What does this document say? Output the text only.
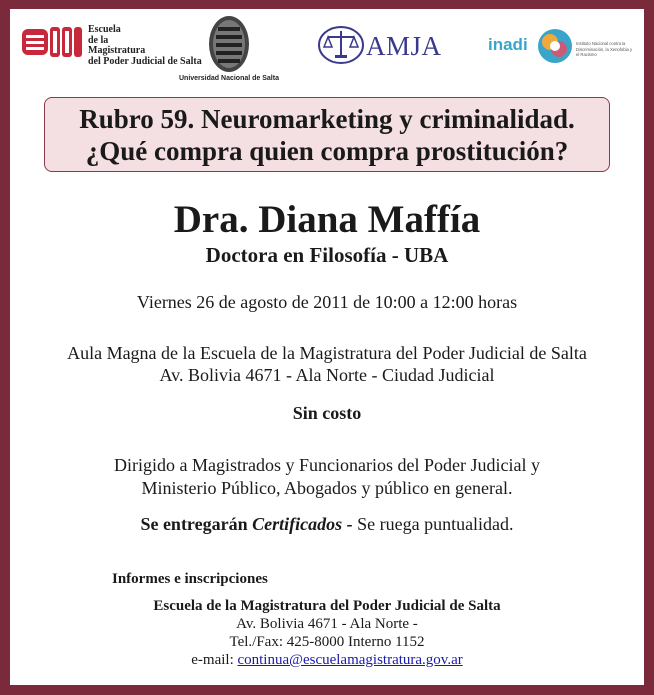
Escuela
de la
Magistratura
del Poder Judicial de Salta
Universidad Nacional de Salta
AMJA	inadi	Instituto Nacional contra la Discriminación, la Xenofobia y el Racismo
Rubro 59. Neuromarketing y criminalidad.
¿Qué compra quien compra prostitución?
Dra. Diana Maffía
Doctora en Filosofía - UBA
Viernes 26 de agosto de 2011 de 10:00 a 12:00 horas
Aula Magna de la Escuela de la Magistratura del Poder Judicial de Salta
Av. Bolivia 4671 - Ala Norte - Ciudad Judicial
Sin costo
Dirigido a Magistrados y Funcionarios del Poder Judicial y
Ministerio Público, Abogados y público en general.
Se entregarán Certificados - Se ruega puntualidad.
Informes e inscripciones
Escuela de la Magistratura del Poder Judicial de Salta
Av. Bolivia 4671 - Ala Norte -
Tel./Fax: 425-8000 Interno 1152
e-mail: continua@escuelamagistratura.gov.ar
